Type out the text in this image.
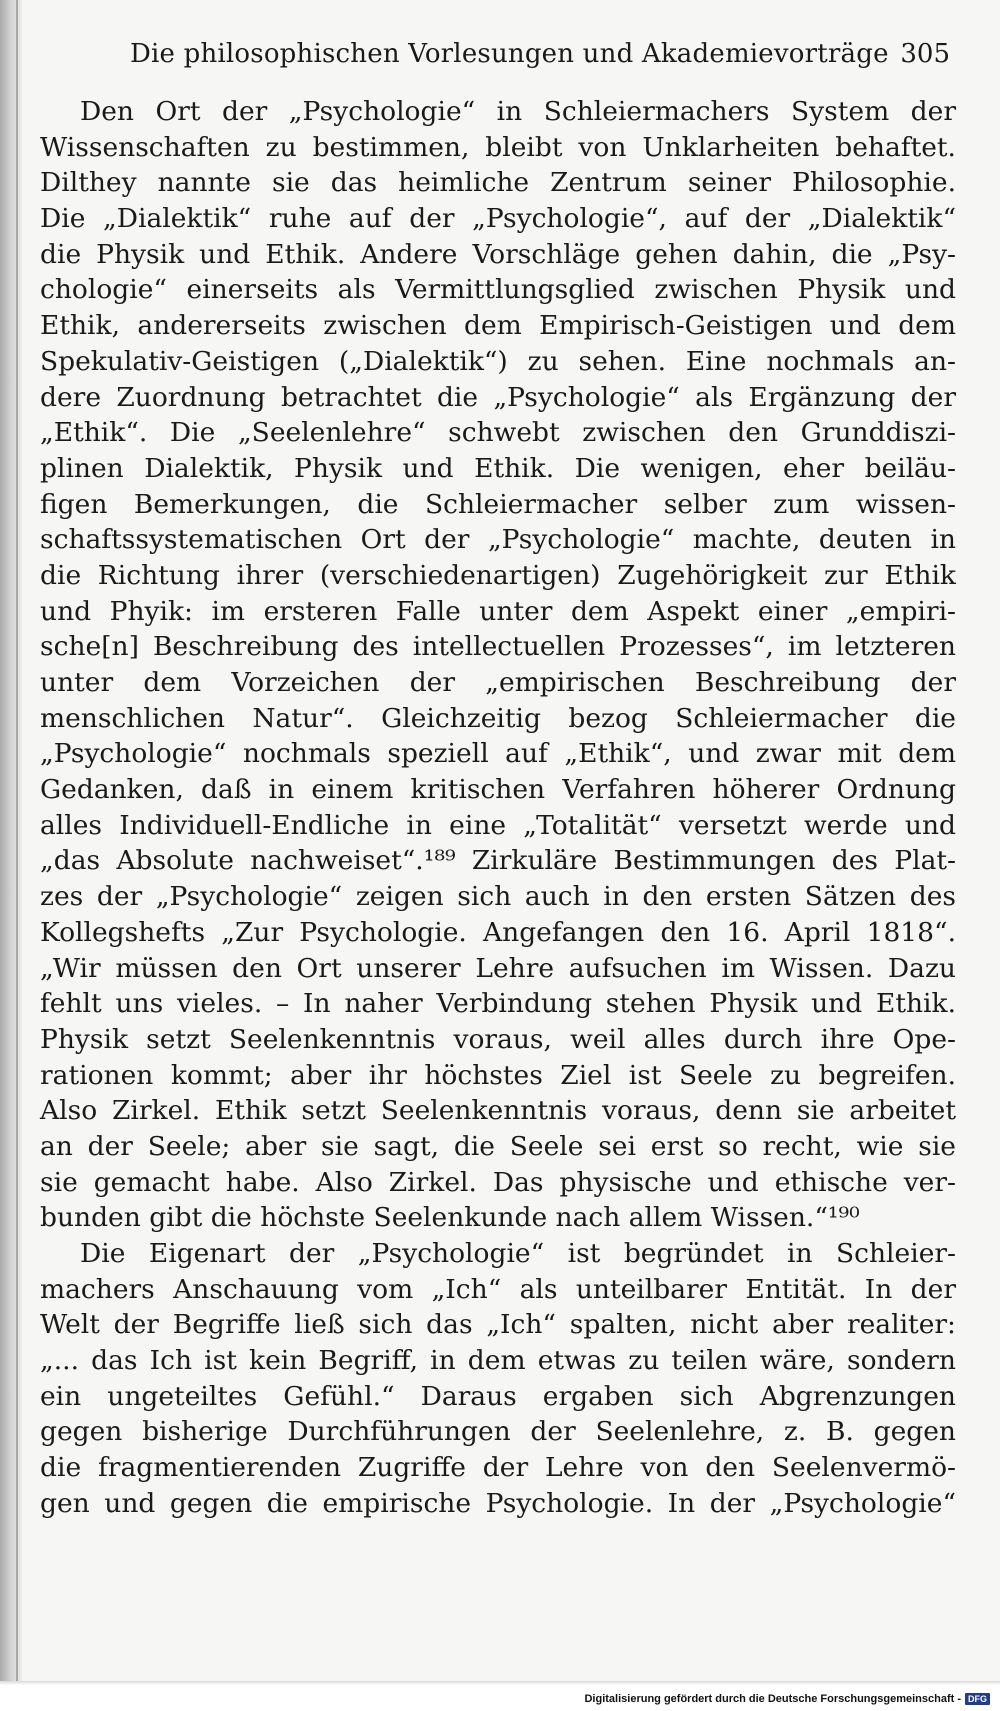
Die philosophischen Vorlesungen und Akademievorträge 305
Den Ort der „Psychologie“ in Schleiermachers System der
Wissenschaften zu bestimmen, bleibt von Unklarheiten behaftet.
Dilthey nannte sie das heimliche Zentrum seiner Philosophie.
Die „Dialektik“ ruhe auf der „Psychologie“, auf der „Dialektik“
die Physik und Ethik. Andere Vorschläge gehen dahin, die „Psy-
chologie“ einerseits als Vermittlungsglied zwischen Physik und
Ethik, andererseits zwischen dem Empirisch-Geistigen und dem
Spekulativ-Geistigen („Dialektik“) zu sehen. Eine nochmals an-
dere Zuordnung betrachtet die „Psychologie“ als Ergänzung der
„Ethik“. Die „Seelenlehre“ schwebt zwischen den Grunddiszi-
plinen Dialektik, Physik und Ethik. Die wenigen, eher beiläu-
figen Bemerkungen, die Schleiermacher selber zum wissen-
schaftssystematischen Ort der „Psychologie“ machte, deuten in
die Richtung ihrer (verschiedenartigen) Zugehörigkeit zur Ethik
und Phyik: im ersteren Falle unter dem Aspekt einer „empiri-
sche[n] Beschreibung des intellectuellen Prozesses“, im letzteren
unter dem Vorzeichen der „empirischen Beschreibung der
menschlichen Natur“. Gleichzeitig bezog Schleiermacher die
„Psychologie“ nochmals speziell auf „Ethik“, und zwar mit dem
Gedanken, daß in einem kritischen Verfahren höherer Ordnung
alles Individuell-Endliche in eine „Totalität“ versetzt werde und
„das Absolute nachweiset“.¹⁸⁹ Zirkuläre Bestimmungen des Plat-
zes der „Psychologie“ zeigen sich auch in den ersten Sätzen des
Kollegshefts „Zur Psychologie. Angefangen den 16. April 1818“.
„Wir müssen den Ort unserer Lehre aufsuchen im Wissen. Dazu
fehlt uns vieles. – In naher Verbindung stehen Physik und Ethik.
Physik setzt Seelenkenntnis voraus, weil alles durch ihre Ope-
rationen kommt; aber ihr höchstes Ziel ist Seele zu begreifen.
Also Zirkel. Ethik setzt Seelenkenntnis voraus, denn sie arbeitet
an der Seele; aber sie sagt, die Seele sei erst so recht, wie sie
sie gemacht habe. Also Zirkel. Das physische und ethische ver-
bunden gibt die höchste Seelenkunde nach allem Wissen.“¹⁹⁰
Die Eigenart der „Psychologie“ ist begründet in Schleier-
machers Anschauung vom „Ich“ als unteilbarer Entität. In der
Welt der Begriffe ließ sich das „Ich“ spalten, nicht aber realiter:
„... das Ich ist kein Begriff, in dem etwas zu teilen wäre, sondern
ein ungeteiltes Gefühl.“ Daraus ergaben sich Abgrenzungen
gegen bisherige Durchführungen der Seelenlehre, z. B. gegen
die fragmentierenden Zugriffe der Lehre von den Seelenvermö-
gen und gegen die empirische Psychologie. In der „Psychologie“
Digitalisierung gefördert durch die Deutsche Forschungsgemeinschaft - DFG
